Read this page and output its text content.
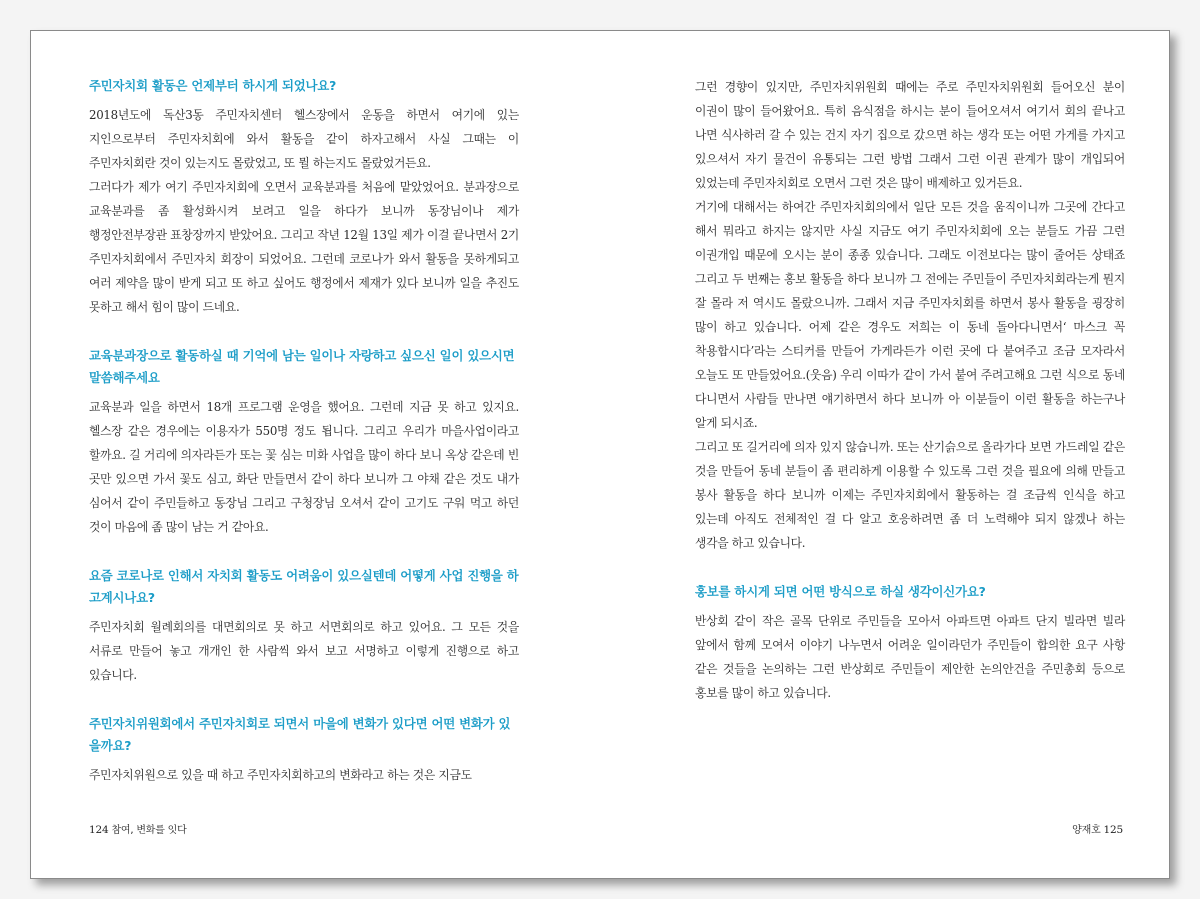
주민자치회 활동은 언제부터 하시게 되었나요?

2018년도에 독산3동 주민자치센터 헬스장에서 운동을 하면서 여기에 있는 지인으로부터 주민자치회에 와서 활동을 같이 하자고해서 사실 그때는 이 주민자치회란 것이 있는지도 몰랐었고, 또 뭘 하는지도 몰랐었거든요.

그러다가 제가 여기 주민자치회에 오면서 교육분과를 처음에 맡았었어요. 분과장으로 교육분과를 좀 활성화시켜 보려고 일을 하다가 보니까 동장님이나 제가 행정안전부장관 표창장까지 받았어요. 그리고 작년 12월 13일 제가 이걸 끝나면서 2기 주민자치회에서 주민자치 회장이 되었어요. 그런데 코로나가 와서 활동을 못하게되고 여러 제약을 많이 받게 되고 또 하고 싶어도 행정에서 제재가 있다 보니까 일을 추진도 못하고 해서 힘이 많이 드네요.

교육분과장으로 활동하실 때 기억에 남는 일이나 자랑하고 싶으신 일이 있으시면 말씀해주세요

교육분과 일을 하면서 18개 프로그램 운영을 했어요. 그런데 지금 못 하고 있지요. 헬스장 같은 경우에는 이용자가 550명 정도 됩니다. 그리고 우리가 마을사업이라고 할까요. 길 거리에 의자라든가 또는 꽃 심는 미화 사업을 많이 하다 보니 옥상 같은데 빈 곳만 있으면 가서 꽃도 심고, 화단 만들면서 같이 하다 보니까 그 야채 같은 것도 내가 심어서 같이 주민들하고 동장님 그리고 구청장님 오셔서 같이 고기도 구워 먹고 하던 것이 마음에 좀 많이 남는 거 같아요.

요즘 코로나로 인해서 자치회 활동도 어려움이 있으실텐데 어떻게 사업 진행을 하고계시나요?

주민자치회 월례회의를 대면회의로 못 하고 서면회의로 하고 있어요. 그 모든 것을 서류로 만들어 놓고 개개인 한 사람씩 와서 보고 서명하고 이렇게 진행으로 하고 있습니다.

주민자치위원회에서 주민자치회로 되면서 마을에 변화가 있다면 어떤 변화가 있을까요?

주민자치위원으로 있을 때 하고 주민자치회하고의 변화라고 하는 것은 지금도

124 참여, 변화를 잇다

그런 경향이 있지만, 주민자치위원회 때에는 주로 주민자치위원회 들어오신 분이 이권이 많이 들어왔어요. 특히 음식점을 하시는 분이 들어오셔서 여기서 회의 끝나고 나면 식사하러 갈 수 있는 건지 자기 집으로 갔으면 하는 생각 또는 어떤 가게를 가지고 있으셔서 자기 물건이 유통되는 그런 방법 그래서 그런 이권 관계가 많이 개입되어 있었는데 주민자치회로 오면서 그런 것은 많이 배제하고 있거든요.

거기에 대해서는 하여간 주민자치회의에서 일단 모든 것을 움직이니까 그곳에 간다고 해서 뭐라고 하지는 않지만 사실 지금도 여기 주민자치회에 오는 분들도 가끔 그런 이권개입 때문에 오시는 분이 종종 있습니다. 그래도 이전보다는 많이 줄어든 상태죠 그리고 두 번째는 홍보 활동을 하다 보니까 그 전에는 주민들이 주민자치회라는게 뭔지 잘 몰라 저 역시도 몰랐으니까. 그래서 지금 주민자치회를 하면서 봉사 활동을 굉장히 많이 하고 있습니다. 어제 같은 경우도 저희는 이 동네 돌아다니면서‘ 마스크 꼭 착용합시다’라는 스티커를 만들어 가게라든가 이런 곳에 다 붙여주고 조금 모자라서 오늘도 또 만들었어요.(웃음) 우리 이따가 같이 가서 붙여 주려고해요 그런 식으로 동네 다니면서 사람들 만나면 얘기하면서 하다 보니까 아 이분들이 이런 활동을 하는구나 알게 되시죠.

그리고 또 길거리에 의자 있지 않습니까. 또는 산기슭으로 올라가다 보면 가드레일 같은 것을 만들어 동네 분들이 좀 편리하게 이용할 수 있도록 그런 것을 필요에 의해 만들고 봉사 활동을 하다 보니까 이제는 주민자치회에서 활동하는 걸 조금씩 인식을 하고 있는데 아직도 전체적인 걸 다 알고 호응하려면 좀 더 노력해야 되지 않겠나 하는 생각을 하고 있습니다.

홍보를 하시게 되면 어떤 방식으로 하실 생각이신가요?

반상회 같이 작은 골목 단위로 주민들을 모아서 아파트면 아파트 단지 빌라면 빌라 앞에서 함께 모여서 이야기 나누면서 어려운 일이라던가 주민들이 합의한 요구 사항 같은 것들을 논의하는 그런 반상회로 주민들이 제안한 논의안건을 주민총회 등으로 홍보를 많이 하고 있습니다.

양재호 125
